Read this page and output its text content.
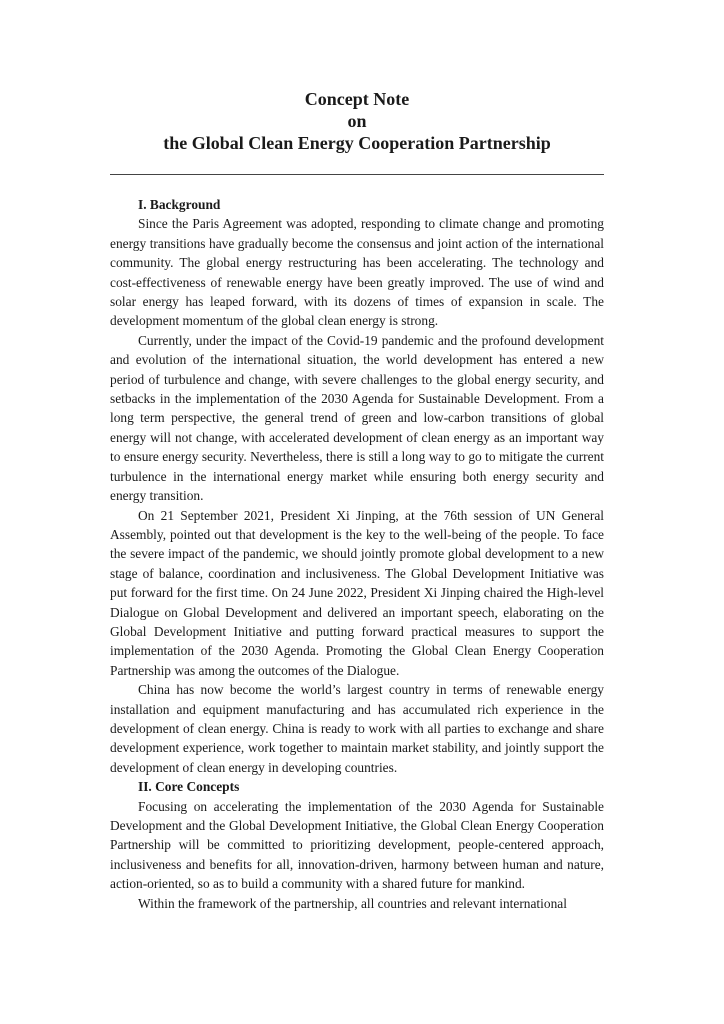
Concept Note
on
the Global Clean Energy Cooperation Partnership

I. Background

Since the Paris Agreement was adopted, responding to climate change and promoting energy transitions have gradually become the consensus and joint action of the international community. The global energy restructuring has been accelerating. The technology and cost-effectiveness of renewable energy have been greatly improved. The use of wind and solar energy has leaped forward, with its dozens of times of expansion in scale. The development momentum of the global clean energy is strong.

Currently, under the impact of the Covid-19 pandemic and the profound development and evolution of the international situation, the world development has entered a new period of turbulence and change, with severe challenges to the global energy security, and setbacks in the implementation of the 2030 Agenda for Sustainable Development. From a long term perspective, the general trend of green and low-carbon transitions of global energy will not change, with accelerated development of clean energy as an important way to ensure energy security. Nevertheless, there is still a long way to go to mitigate the current turbulence in the international energy market while ensuring both energy security and energy transition.

On 21 September 2021, President Xi Jinping, at the 76th session of UN General Assembly, pointed out that development is the key to the well-being of the people. To face the severe impact of the pandemic, we should jointly promote global development to a new stage of balance, coordination and inclusiveness. The Global Development Initiative was put forward for the first time. On 24 June 2022, President Xi Jinping chaired the High-level Dialogue on Global Development and delivered an important speech, elaborating on the Global Development Initiative and putting forward practical measures to support the implementation of the 2030 Agenda. Promoting the Global Clean Energy Cooperation Partnership was among the outcomes of the Dialogue.

China has now become the world’s largest country in terms of renewable energy installation and equipment manufacturing and has accumulated rich experience in the development of clean energy. China is ready to work with all parties to exchange and share development experience, work together to maintain market stability, and jointly support the development of clean energy in developing countries.

II. Core Concepts

Focusing on accelerating the implementation of the 2030 Agenda for Sustainable Development and the Global Development Initiative, the Global Clean Energy Cooperation Partnership will be committed to prioritizing development, people-centered approach, inclusiveness and benefits for all, innovation-driven, harmony between human and nature, action-oriented, so as to build a community with a shared future for mankind.

Within the framework of the partnership, all countries and relevant international
